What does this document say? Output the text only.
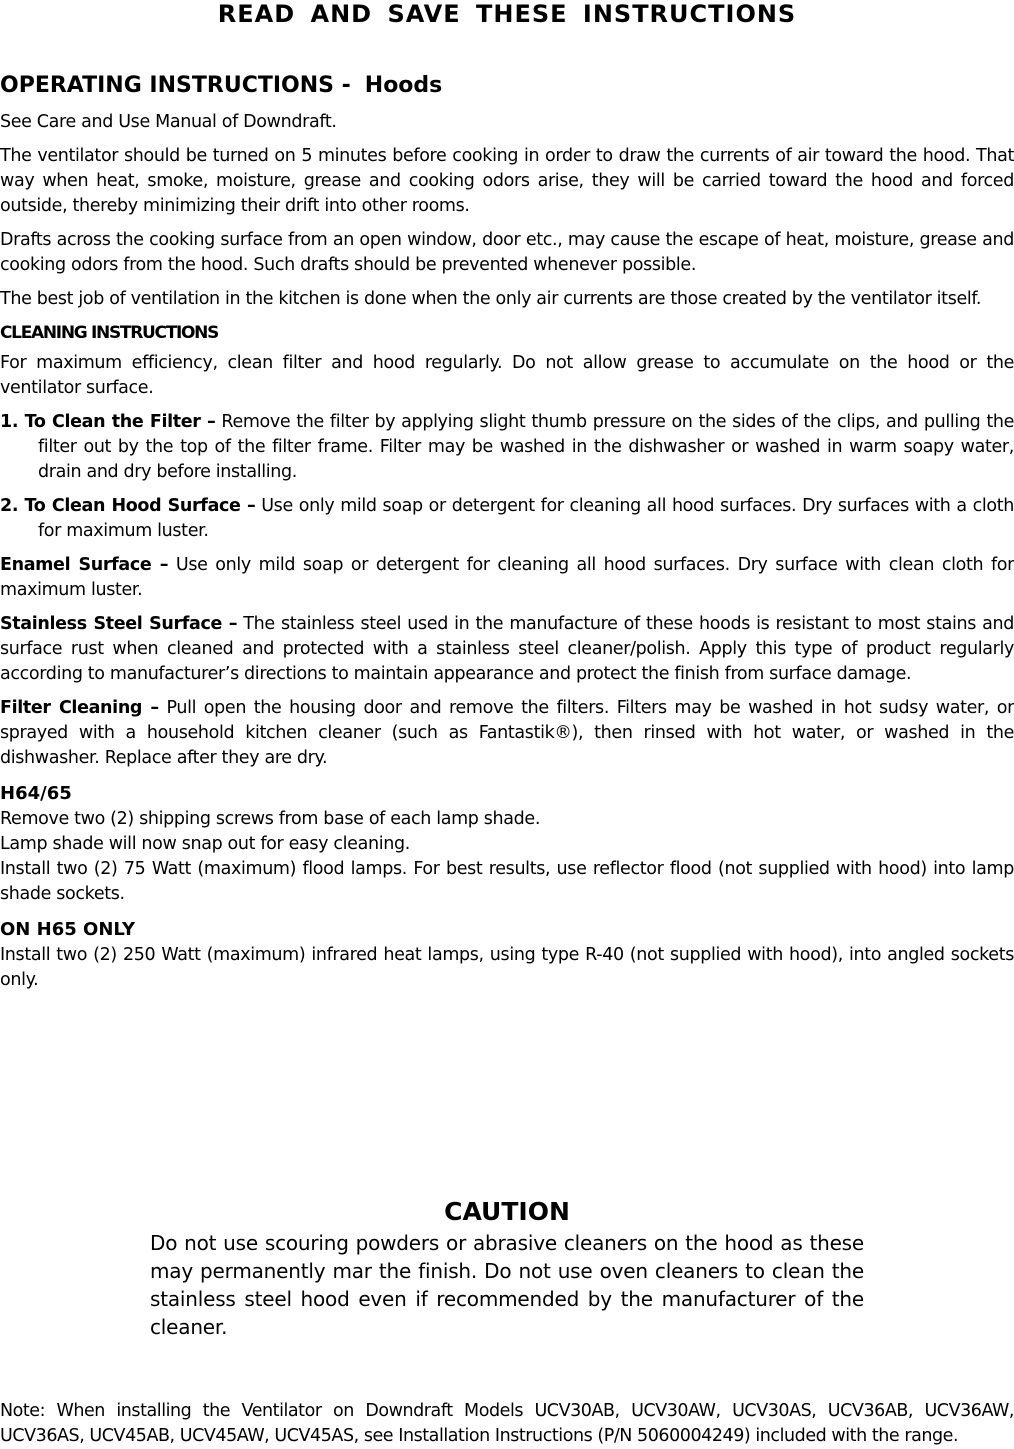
READ AND SAVE THESE INSTRUCTIONS
OPERATING INSTRUCTIONS - Hoods

See Care and Use Manual of Downdraft.

The ventilator should be turned on 5 minutes before cooking in order to draw the currents of air toward the hood. That way when heat, smoke, moisture, grease and cooking odors arise, they will be carried toward the hood and forced outside, thereby minimizing their drift into other rooms.

Drafts across the cooking surface from an open window, door etc., may cause the escape of heat, moisture, grease and cooking odors from the hood. Such drafts should be prevented whenever possible.

The best job of ventilation in the kitchen is done when the only air currents are those created by the ventilator itself.

CLEANING INSTRUCTIONS

For maximum efficiency, clean filter and hood regularly. Do not allow grease to accumulate on the hood or the ventilator surface.

1. To Clean the Filter – Remove the filter by applying slight thumb pressure on the sides of the clips, and pulling the filter out by the top of the filter frame. Filter may be washed in the dishwasher or washed in warm soapy water, drain and dry before installing.

2. To Clean Hood Surface – Use only mild soap or detergent for cleaning all hood surfaces. Dry surfaces with a cloth for maximum luster.

Enamel Surface – Use only mild soap or detergent for cleaning all hood surfaces. Dry surface with clean cloth for maximum luster.

Stainless Steel Surface – The stainless steel used in the manufacture of these hoods is resistant to most stains and surface rust when cleaned and protected with a stainless steel cleaner/polish. Apply this type of product regularly according to manufacturer’s directions to maintain appearance and protect the finish from surface damage.

Filter Cleaning – Pull open the housing door and remove the filters. Filters may be washed in hot sudsy water, or sprayed with a household kitchen cleaner (such as Fantastik®), then rinsed with hot water, or washed in the dishwasher. Replace after they are dry.

H64/65

Remove two (2) shipping screws from base of each lamp shade.

Lamp shade will now snap out for easy cleaning.

Install two (2) 75 Watt (maximum) flood lamps. For best results, use reflector flood (not supplied with hood) into lamp shade sockets.

ON H65 ONLY

Install two (2) 250 Watt (maximum) infrared heat lamps, using type R-40 (not supplied with hood), into angled sockets only.

CAUTION
Do not use scouring powders or abrasive cleaners on the hood as these may permanently mar the finish. Do not use oven cleaners to clean the stainless steel hood even if recommended by the manufacturer of the cleaner.
Note: When installing the Ventilator on Downdraft Models UCV30AB, UCV30AW, UCV30AS, UCV36AB, UCV36AW, UCV36AS, UCV45AB, UCV45AW, UCV45AS, see Installation Instructions (P/N 5060004249) included with the range.
